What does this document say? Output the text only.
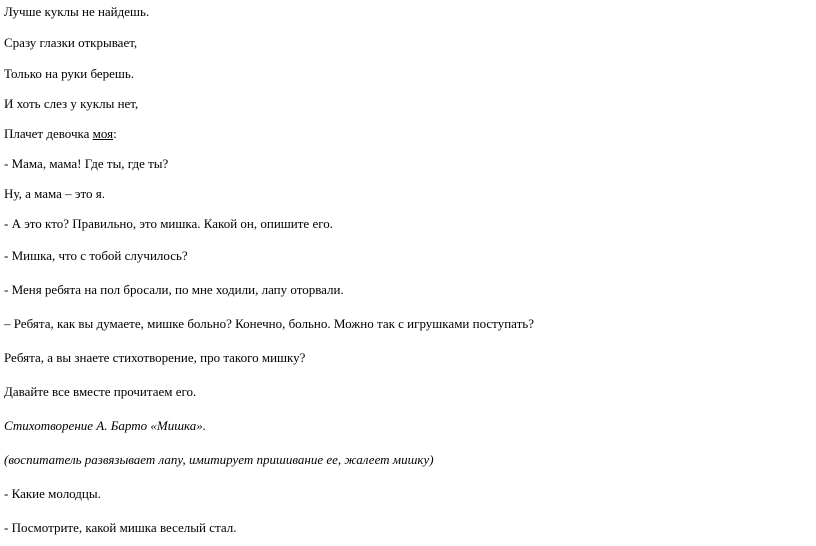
Лучше куклы не найдешь.

Сразу глазки открывает,

Только на руки берешь.

И хоть слез у куклы нет,

Плачет девочка моя:

- Мама, мама! Где ты, где ты?

Ну, а мама – это я.

- А это кто? Правильно, это мишка. Какой он, опишите его.

- Мишка, что с тобой случилось?

- Меня ребята на пол бросали, по мне ходили, лапу оторвали.

– Ребята, как вы думаете, мишке больно? Конечно, больно. Можно так с игрушками поступать?

Ребята, а вы знаете стихотворение, про такого мишку?

Давайте все вместе прочитаем его.

Стихотворение А. Барто «Мишка».

(воспитатель развязывает лапу, имитирует пришивание ее, жалеет мишку)

- Какие молодцы.

- Посмотрите, какой мишка веселый стал.
